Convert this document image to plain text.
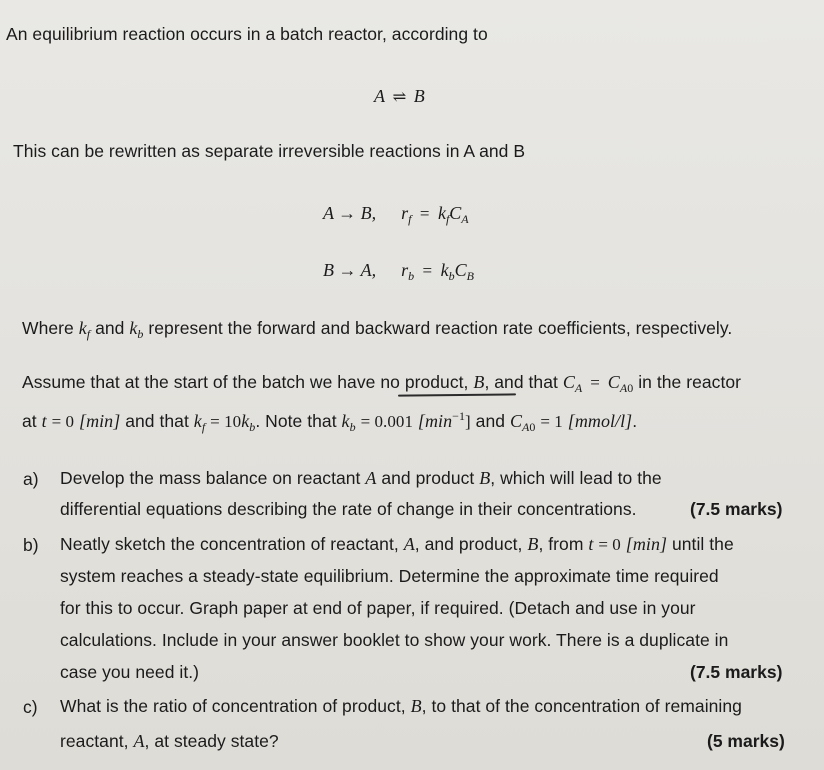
An equilibrium reaction occurs in a batch reactor, according to
A ⇌ B
This can be rewritten as separate irreversible reactions in A and B
A → B, $r_f = k_fC_A$
B → A, $r_b = k_bC_B$
Where $k_f$ and $k_b$ represent the forward and backward reaction rate coefficients, respectively.
Assume that at the start of the batch we have no product, B, and that $C_A = C_{A0}$ in the reactor
at t = 0 [min] and that $k_f = 10k_b$. Note that $k_b = 0.001$ $[\min^{-1}]$ and $C_{A0} = 1$ [mmol/l].
a) Develop the mass balance on reactant A and product B, which will lead to the
differential equations describing the rate of change in their concentrations.	(7.5 marks)
b) Neatly sketch the concentration of reactant, A, and product, B, from t = 0 [min] until the
system reaches a steady-state equilibrium. Determine the approximate time required
for this to occur. Graph paper at end of paper, if required. (Detach and use in your
calculations. Include in your answer booklet to show your work. There is a duplicate in
case you need it.)	(7.5 marks)
c) What is the ratio of concentration of product, B, to that of the concentration of remaining
reactant, A, at steady state?	(5 marks)
